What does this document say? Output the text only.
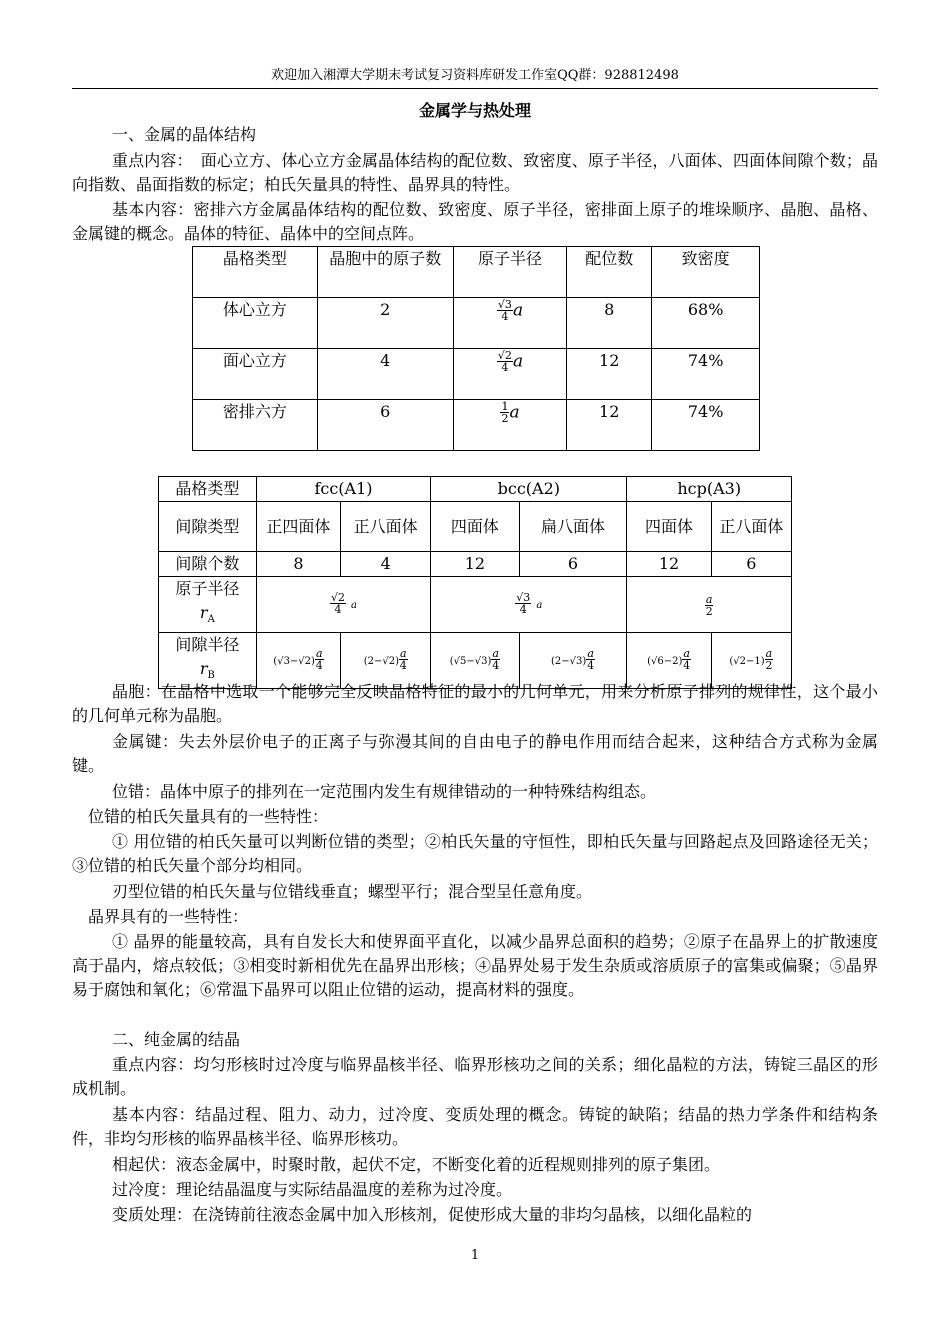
欢迎加入湘潭大学期末考试复习资料库研发工作室QQ群：928812498
金属学与热处理
一、金属的晶体结构
重点内容：　面心立方、体心立方金属晶体结构的配位数、致密度、原子半径，八面体、四面体间隙个数；晶向指数、晶面指数的标定；柏氏矢量具的特性、晶界具的特性。
基本内容：密排六方金属晶体结构的配位数、致密度、原子半径，密排面上原子的堆垛顺序、晶胞、晶格、金属键的概念。晶体的特征、晶体中的空间点阵。
晶格类型	晶胞中的原子数	原子半径	配位数	致密度
体心立方	2	$\frac{√3}{4}$ a	8	68%
面心立方	4	$\frac{√2}{4}$ a	12	74%
密排六方	6	$\frac{1}{2}$ a	12	74%
晶格类型	fcc(A1)		bcc(A2)		hcp(A3)	
间隙类型	正四面体	正八面体	四面体	扁八面体	四面体	正八面体
间隙个数	8	4	12	6	12	6
原子半径
$r_A$	$\frac{√2}{4}$ a		$\frac{√3}{4}$ a		$\frac{a}{2}$

间隙半径
$r_B$	$(√3-√2) \frac{a}{4}$	$(2-√2) \frac{a}{4}$	$(√5-√3) \frac{a}{4}$	$(2-√3) \frac{a}{4}$	$(√6-2) \frac{a}{4}$	$(√2-1) \frac{a}{2}$
晶胞：在晶格中选取一个能够完全反映晶格特征的最小的几何单元，用来分析原子排列的规律性，这个最小的几何单元称为晶胞。
金属键：失去外层价电子的正离子与弥漫其间的自由电子的静电作用而结合起来，这种结合方式称为金属键。
位错：晶体中原子的排列在一定范围内发生有规律错动的一种特殊结构组态。
位错的柏氏矢量具有的一些特性：
① 用位错的柏氏矢量可以判断位错的类型；②柏氏矢量的守恒性，即柏氏矢量与回路起点及回路途径无关；③位错的柏氏矢量个部分均相同。
刃型位错的柏氏矢量与位错线垂直；螺型平行；混合型呈任意角度。
晶界具有的一些特性：
① 晶界的能量较高，具有自发长大和使界面平直化，以减少晶界总面积的趋势；②原子在晶界上的扩散速度高于晶内，熔点较低；③相变时新相优先在晶界出形核；④晶界处易于发生杂质或溶质原子的富集或偏聚；⑤晶界易于腐蚀和氧化；⑥常温下晶界可以阻止位错的运动，提高材料的强度。
二、纯金属的结晶
重点内容：均匀形核时过冷度与临界晶核半径、临界形核功之间的关系；细化晶粒的方法，铸锭三晶区的形成机制。
基本内容：结晶过程、阻力、动力，过冷度、变质处理的概念。铸锭的缺陷；结晶的热力学条件和结构条件，非均匀形核的临界晶核半径、临界形核功。
相起伏：液态金属中，时聚时散，起伏不定，不断变化着的近程规则排列的原子集团。
过冷度：理论结晶温度与实际结晶温度的差称为过冷度。
变质处理：在浇铸前往液态金属中加入形核剂，促使形成大量的非均匀晶核，以细化晶粒的
1
